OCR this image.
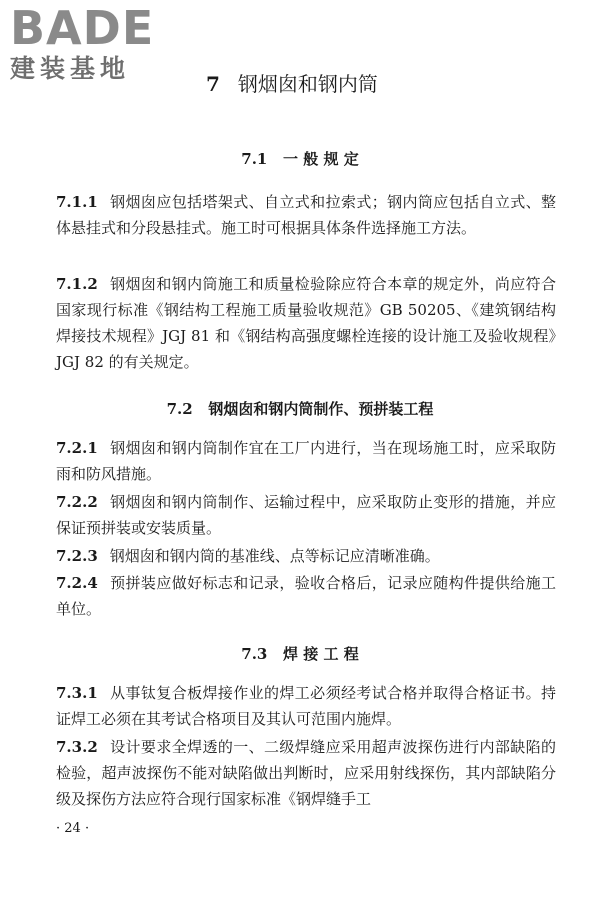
BADE
建装基地
7 钢烟囱和钢内筒
7.1 一 般 规 定
7.1.1 钢烟囱应包括塔架式、自立式和拉索式；钢内筒应包括自立式、整体悬挂式和分段悬挂式。施工时可根据具体条件选择施工方法。
7.1.2 钢烟囱和钢内筒施工和质量检验除应符合本章的规定外，尚应符合国家现行标准《钢结构工程施工质量验收规范》GB 50205、《建筑钢结构焊接技术规程》JGJ 81 和《钢结构高强度螺栓连接的设计施工及验收规程》JGJ 82 的有关规定。
7.2 钢烟囱和钢内筒制作、预拼装工程
7.2.1 钢烟囱和钢内筒制作宜在工厂内进行，当在现场施工时，应采取防雨和防风措施。
7.2.2 钢烟囱和钢内筒制作、运输过程中，应采取防止变形的措施，并应保证预拼装或安装质量。
7.2.3 钢烟囱和钢内筒的基准线、点等标记应清晰准确。
7.2.4 预拼装应做好标志和记录，验收合格后，记录应随构件提供给施工单位。
7.3 焊 接 工 程
7.3.1 从事钛复合板焊接作业的焊工必须经考试合格并取得合格证书。持证焊工必须在其考试合格项目及其认可范围内施焊。
7.3.2 设计要求全焊透的一、二级焊缝应采用超声波探伤进行内部缺陷的检验，超声波探伤不能对缺陷做出判断时，应采用射线探伤，其内部缺陷分级及探伤方法应符合现行国家标准《钢焊缝手工
· 24 ·
